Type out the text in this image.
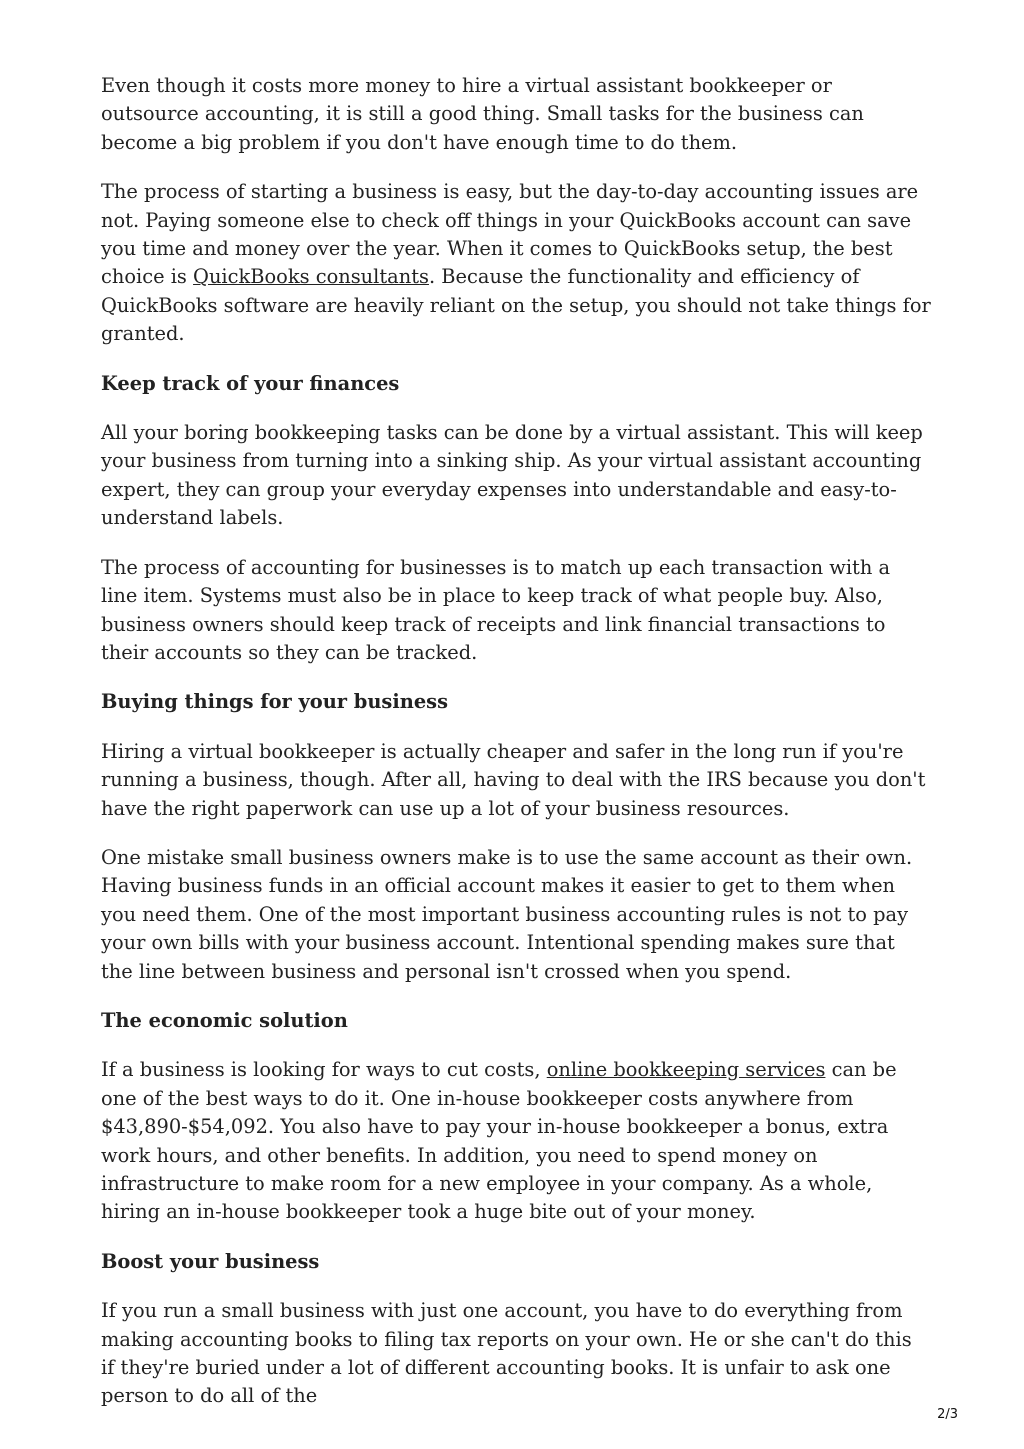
Even though it costs more money to hire a virtual assistant bookkeeper or outsource accounting, it is still a good thing. Small tasks for the business can become a big problem if you don't have enough time to do them.

The process of starting a business is easy, but the day-to-day accounting issues are not. Paying someone else to check off things in your QuickBooks account can save you time and money over the year. When it comes to QuickBooks setup, the best choice is QuickBooks consultants. Because the functionality and efficiency of QuickBooks software are heavily reliant on the setup, you should not take things for granted.

Keep track of your finances

All your boring bookkeeping tasks can be done by a virtual assistant. This will keep your business from turning into a sinking ship. As your virtual assistant accounting expert, they can group your everyday expenses into understandable and easy-to-understand labels.

The process of accounting for businesses is to match up each transaction with a line item. Systems must also be in place to keep track of what people buy. Also, business owners should keep track of receipts and link financial transactions to their accounts so they can be tracked.

Buying things for your business

Hiring a virtual bookkeeper is actually cheaper and safer in the long run if you're running a business, though. After all, having to deal with the IRS because you don't have the right paperwork can use up a lot of your business resources.

One mistake small business owners make is to use the same account as their own. Having business funds in an official account makes it easier to get to them when you need them. One of the most important business accounting rules is not to pay your own bills with your business account. Intentional spending makes sure that the line between business and personal isn't crossed when you spend.

The economic solution

If a business is looking for ways to cut costs, online bookkeeping services can be one of the best ways to do it. One in-house bookkeeper costs anywhere from $43,890-$54,092. You also have to pay your in-house bookkeeper a bonus, extra work hours, and other benefits. In addition, you need to spend money on infrastructure to make room for a new employee in your company. As a whole, hiring an in-house bookkeeper took a huge bite out of your money.

Boost your business

If you run a small business with just one account, you have to do everything from making accounting books to filing tax reports on your own. He or she can't do this if they're buried under a lot of different accounting books. It is unfair to ask one person to do all of the

2/3
